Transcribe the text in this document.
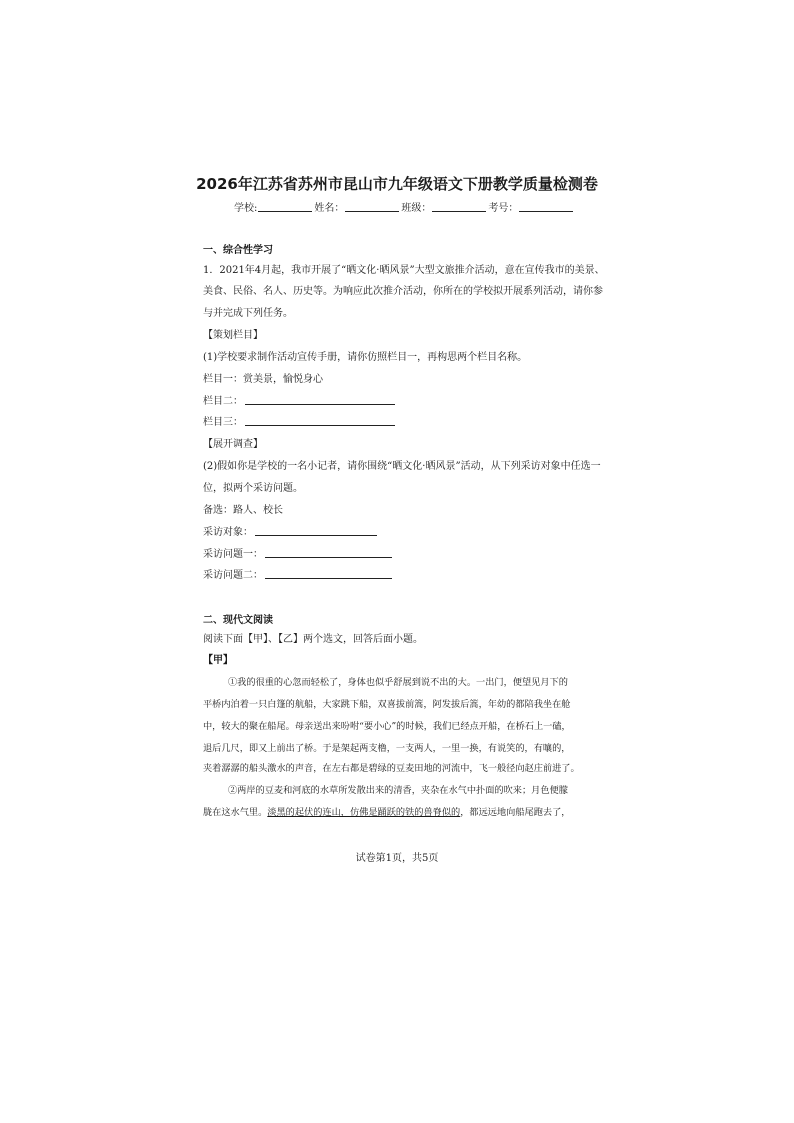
2026年江苏省苏州市昆山市九年级语文下册教学质量检测卷
学校:	姓名：	班级：	考号：
一、综合性学习
1．2021年4月起，我市开展了“晒文化·晒风景”大型文旅推介活动，意在宣传我市的美景、
美食、民俗、名人、历史等。为响应此次推介活动，你所在的学校拟开展系列活动，请你参
与并完成下列任务。
【策划栏目】
(1)学校要求制作活动宣传手册，请你仿照栏目一，再构思两个栏目名称。
栏目一：赏美景，愉悦身心
栏目二：
栏目三：
【展开调查】
(2)假如你是学校的一名小记者，请你围绕“晒文化·晒风景”活动，从下列采访对象中任选一
位，拟两个采访问题。
备选：路人、校长
采访对象：
采访问题一：
采访问题二：
二、现代文阅读
阅读下面【甲】、【乙】两个选文，回答后面小题。
【甲】
①我的很重的心忽而轻松了，身体也似乎舒展到说不出的大。一出门，便望见月下的
平桥内泊着一只白篷的航船，大家跳下船，双喜拔前篙，阿发拔后篙，年幼的都陪我坐在舱
中，较大的聚在船尾。母亲送出来吩咐“要小心”的时候，我们已经点开船，在桥石上一磕，
退后几尺，即又上前出了桥。于是架起两支橹，一支两人，一里一换，有说笑的，有嚷的，
夹着潺潺的船头激水的声音，在左右都是碧绿的豆麦田地的河流中，飞一般径向赵庄前进了。
②两岸的豆麦和河底的水草所发散出来的清香，夹杂在水气中扑面的吹来；月色便朦
胧在这水气里。淡黑的起伏的连山，仿佛是踊跃的铁的兽脊似的，都远远地向船尾跑去了，
试卷第1页，共5页
